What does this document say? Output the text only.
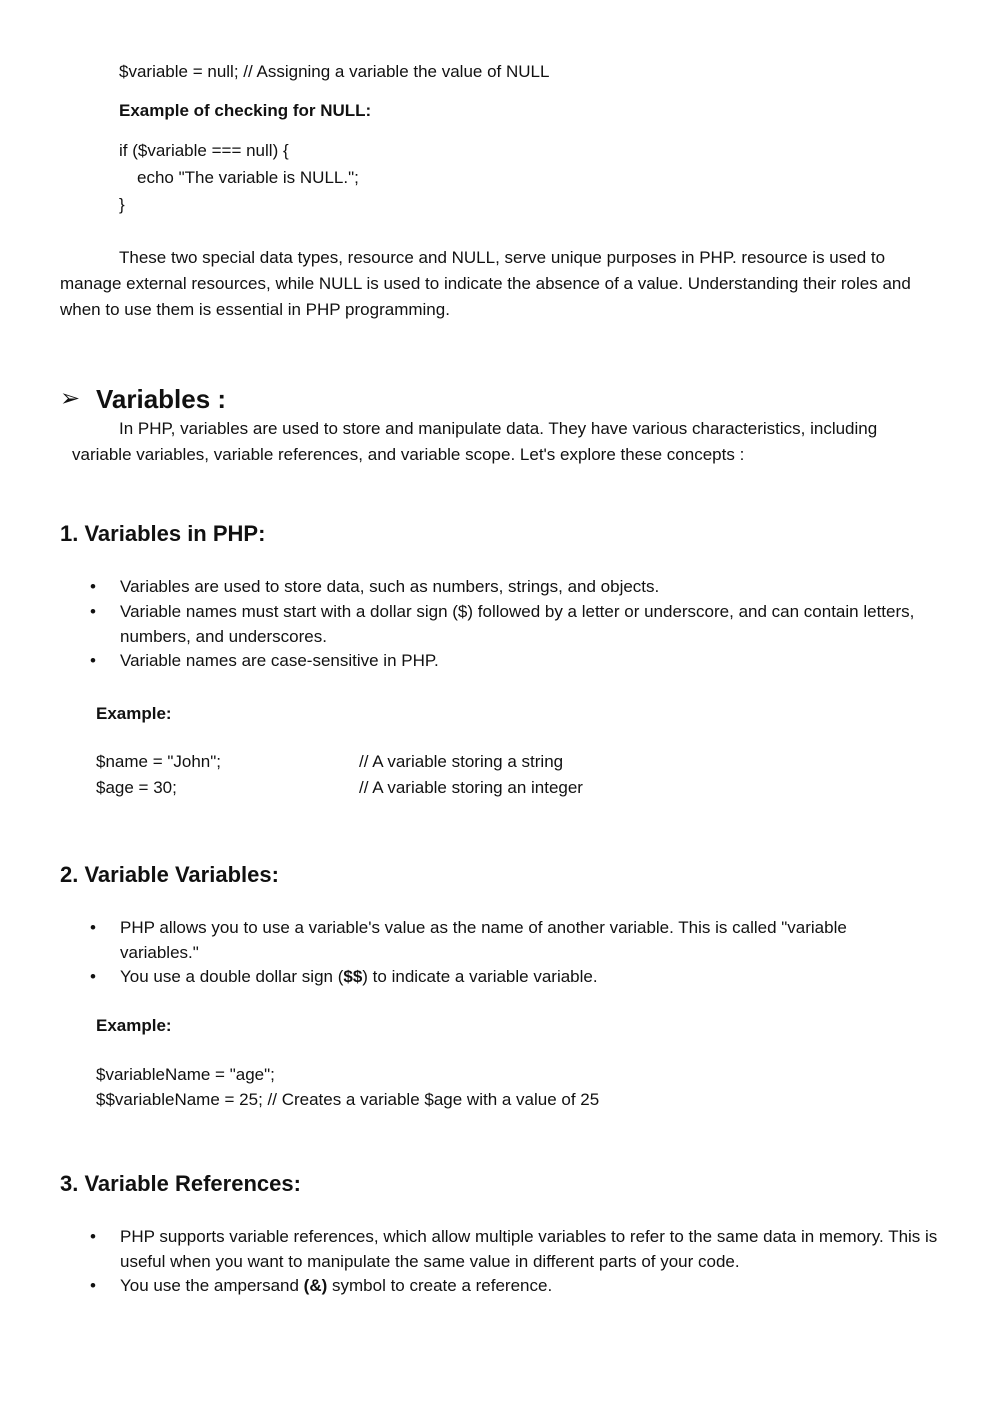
$variable = null; // Assigning a variable the value of NULL
Example of checking for NULL:
if ($variable === null) {
echo "The variable is NULL.";
}
These two special data types, resource and NULL, serve unique purposes in PHP. resource is used to manage external resources, while NULL is used to indicate the absence of a value. Understanding their roles and when to use them is essential in PHP programming.
➢ Variables :
In PHP, variables are used to store and manipulate data. They have various characteristics, including
variable variables, variable references, and variable scope. Let's explore these concepts :
1. Variables in PHP:
• Variables are used to store data, such as numbers, strings, and objects.
• Variable names must start with a dollar sign ($) followed by a letter or underscore, and can contain letters, numbers, and underscores.
• Variable names are case-sensitive in PHP.
Example:
$name = "John";	// A variable storing a string
$age = 30;	// A variable storing an integer
2. Variable Variables:
• PHP allows you to use a variable's value as the name of another variable. This is called "variable variables."
• You use a double dollar sign ($$) to indicate a variable variable.
Example:
$variableName = "age";
$$variableName = 25; // Creates a variable $age with a value of 25
3. Variable References:
• PHP supports variable references, which allow multiple variables to refer to the same data in memory. This is useful when you want to manipulate the same value in different parts of your code.
• You use the ampersand (&) symbol to create a reference.
